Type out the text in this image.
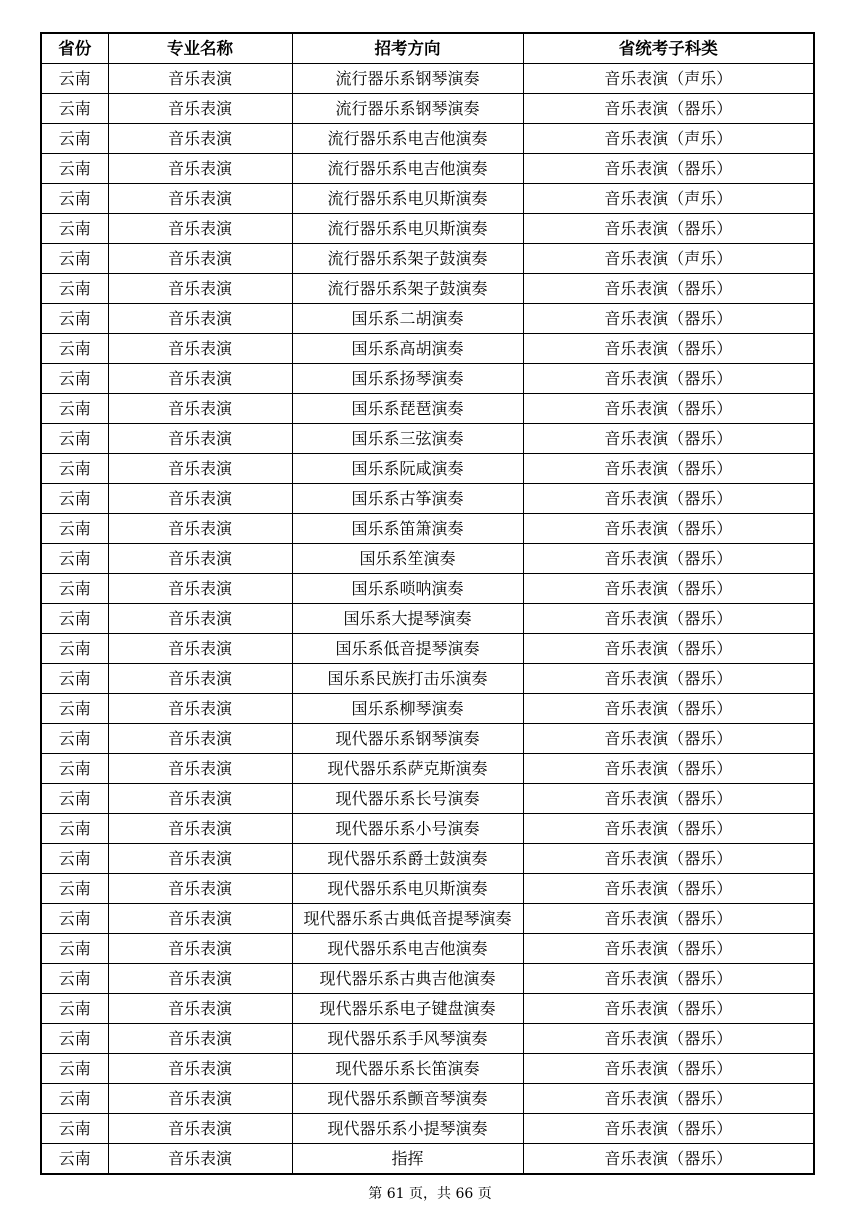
省份	专业名称	招考方向	省统考子科类
云南	音乐表演	流行器乐系钢琴演奏	音乐表演（声乐）
云南	音乐表演	流行器乐系钢琴演奏	音乐表演（器乐）
云南	音乐表演	流行器乐系电吉他演奏	音乐表演（声乐）
云南	音乐表演	流行器乐系电吉他演奏	音乐表演（器乐）
云南	音乐表演	流行器乐系电贝斯演奏	音乐表演（声乐）
云南	音乐表演	流行器乐系电贝斯演奏	音乐表演（器乐）
云南	音乐表演	流行器乐系架子鼓演奏	音乐表演（声乐）
云南	音乐表演	流行器乐系架子鼓演奏	音乐表演（器乐）
云南	音乐表演	国乐系二胡演奏	音乐表演（器乐）
云南	音乐表演	国乐系高胡演奏	音乐表演（器乐）
云南	音乐表演	国乐系扬琴演奏	音乐表演（器乐）
云南	音乐表演	国乐系琵琶演奏	音乐表演（器乐）
云南	音乐表演	国乐系三弦演奏	音乐表演（器乐）
云南	音乐表演	国乐系阮咸演奏	音乐表演（器乐）
云南	音乐表演	国乐系古筝演奏	音乐表演（器乐）
云南	音乐表演	国乐系笛箫演奏	音乐表演（器乐）
云南	音乐表演	国乐系笙演奏	音乐表演（器乐）
云南	音乐表演	国乐系唢呐演奏	音乐表演（器乐）
云南	音乐表演	国乐系大提琴演奏	音乐表演（器乐）
云南	音乐表演	国乐系低音提琴演奏	音乐表演（器乐）
云南	音乐表演	国乐系民族打击乐演奏	音乐表演（器乐）
云南	音乐表演	国乐系柳琴演奏	音乐表演（器乐）
云南	音乐表演	现代器乐系钢琴演奏	音乐表演（器乐）
云南	音乐表演	现代器乐系萨克斯演奏	音乐表演（器乐）
云南	音乐表演	现代器乐系长号演奏	音乐表演（器乐）
云南	音乐表演	现代器乐系小号演奏	音乐表演（器乐）
云南	音乐表演	现代器乐系爵士鼓演奏	音乐表演（器乐）
云南	音乐表演	现代器乐系电贝斯演奏	音乐表演（器乐）
云南	音乐表演	现代器乐系古典低音提琴演奏	音乐表演（器乐）
云南	音乐表演	现代器乐系电吉他演奏	音乐表演（器乐）
云南	音乐表演	现代器乐系古典吉他演奏	音乐表演（器乐）
云南	音乐表演	现代器乐系电子键盘演奏	音乐表演（器乐）
云南	音乐表演	现代器乐系手风琴演奏	音乐表演（器乐）
云南	音乐表演	现代器乐系长笛演奏	音乐表演（器乐）
云南	音乐表演	现代器乐系颤音琴演奏	音乐表演（器乐）
云南	音乐表演	现代器乐系小提琴演奏	音乐表演（器乐）
云南	音乐表演	指挥	音乐表演（器乐）
第 61 页，共 66 页
